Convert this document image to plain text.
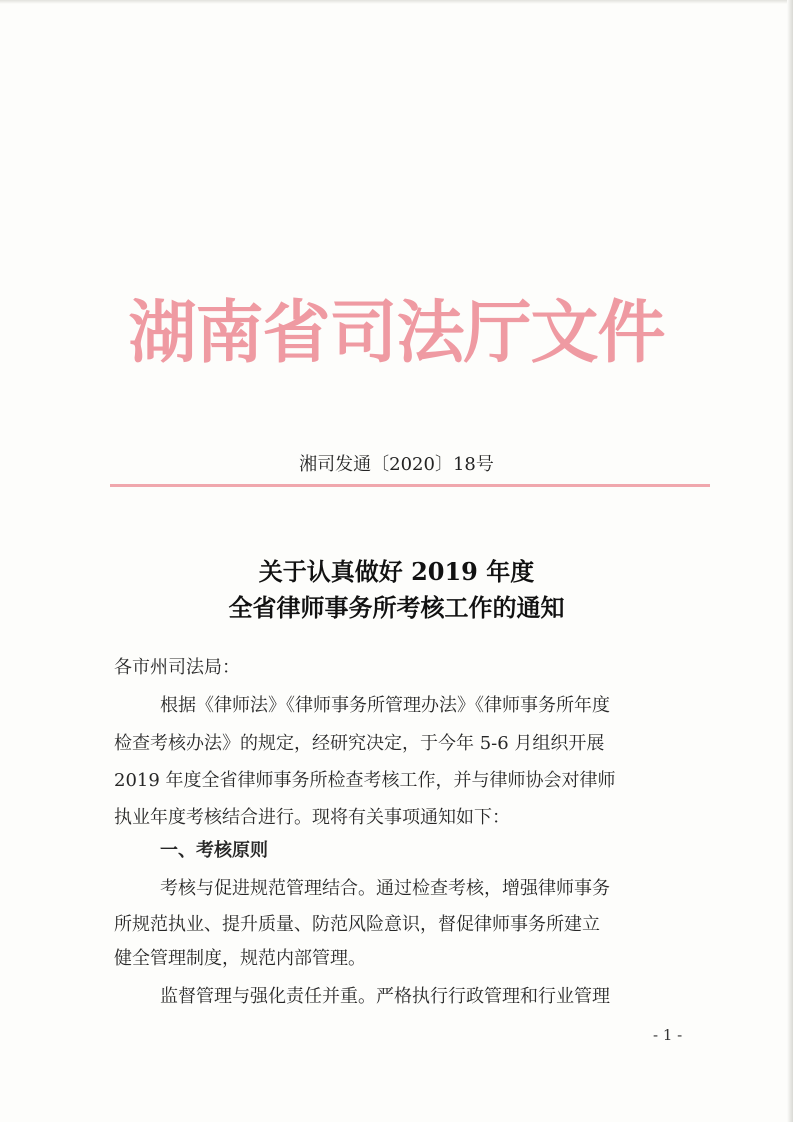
湖南省司法厅文件
湘司发通〔2020〕18号
关于认真做好 2019 年度
全省律师事务所考核工作的通知
各市州司法局：
根据《律师法》《律师事务所管理办法》《律师事务所年度
检查考核办法》的规定，经研究决定，于今年 5-6 月组织开展
2019 年度全省律师事务所检查考核工作，并与律师协会对律师
执业年度考核结合进行。现将有关事项通知如下：
一、考核原则
考核与促进规范管理结合。通过检查考核，增强律师事务
所规范执业、提升质量、防范风险意识，督促律师事务所建立
健全管理制度，规范内部管理。
监督管理与强化责任并重。严格执行行政管理和行业管理
- 1 -
